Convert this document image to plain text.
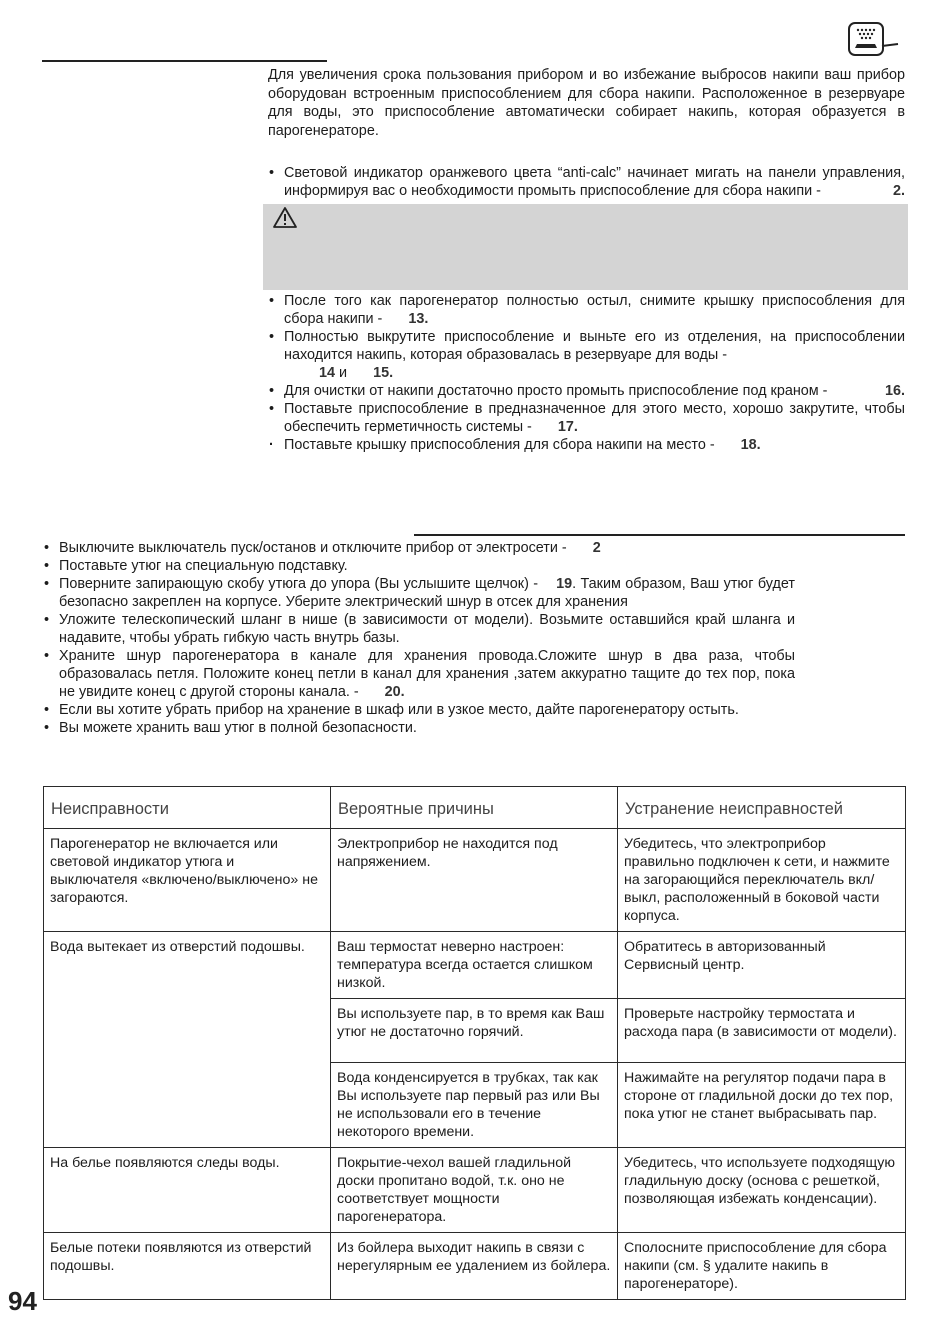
Для увеличения срока пользования прибором и во избежание выбросов накипи ваш прибор оборудован встроенным приспособлением для сбора накипи. Расположенное в резервуаре для воды, это приспособление автоматически собирает накипь, которая образуется в парогенераторе.
• Световой индикатор оранжевого цвета “anti-calc” начинает мигать на панели управления, информируя вас о необходимости промыть приспособление для сбора накипи -	2.
• После того как парогенератор полностью остыл, снимите крышку приспособления для сбора накипи - 13.
• Полностью выкрутите приспособление и выньте его из отделения, на приспособлении находится накипь, которая образовалась в резервуаре для воды -
14 и 15.
• Для очистки от накипи достаточно просто промыть приспособление под краном -	16.
• Поставьте приспособление в предназначенное для этого место, хорошо закрутите, чтобы обеспечить герметичность системы - 17.
· Поставьте крышку приспособления для сбора накипи на место - 18.
• Выключите выключатель пуск/останов и отключите прибор от электросети - 2
• Поставьте утюг на специальную подставку.
• Поверните запирающую скобу утюга до упора (Вы услышите щелчок) - 19. Таким образом, Ваш утюг будет безопасно закреплен на корпусе. Уберите электрический шнур в отсек для хранения
• Уложите телескопический шланг в нише (в зависимости от модели). Возьмите оставшийся край шланга и надавите, чтобы убрать гибкую часть внутрь базы.
• Храните шнур парогенератора в канале для хранения провода.Сложите шнур в два раза, чтобы образовалась петля. Положите конец петли в канал для хранения ,затем аккуратно тащите до тех пор, пока не увидите конец с другой стороны канала. - 20.
• Если вы хотите убрать прибор на хранение в шкаф или в узкое место, дайте парогенератору остыть.
• Вы можете хранить ваш утюг в полной безопасности.
Неисправности	Вероятные причины	Устранение неисправностей
Парогенератор не включается или световой индикатор утюга и выключателя «включено/выключено» не загораются.	Электроприбор не находится под напряжением.	Убедитесь, что электроприбор правильно подключен к сети, и нажмите на загорающийся переключатель вкл/выкл, расположенный в боковой части корпуса.
Вода вытекает из отверстий подошвы.	Ваш термостат неверно настроен: температура всегда остается слишком низкой.	Обратитесь в авторизованный Сервисный центр.
	Вы используете пар, в то время как Ваш утюг не достаточно горячий.	Проверьте настройку термостата и расхода пара (в зависимости от модели).
	Вода конденсируется в трубках, так как Вы используете пар первый раз или Вы не использовали его в течение некоторого времени.	Нажимайте на регулятор подачи пара в стороне от гладильной доски до тех пор, пока утюг не станет выбрасывать пар.
На белье появляются следы воды.	Покрытие-чехол вашей гладильной доски пропитано водой, т.к. оно не соответствует мощности парогенератора.	Убедитесь, что используете подходящую гладильную доску (основа с решеткой, позволяющая избежать конденсации).
Белые потеки появляются из отверстий подошвы.	Из бойлера выходит накипь в связи с нерегулярным ее удалением из бойлера.	Сполосните приспособление для сбора накипи (см. § удалите накипь в парогенераторе).
94
